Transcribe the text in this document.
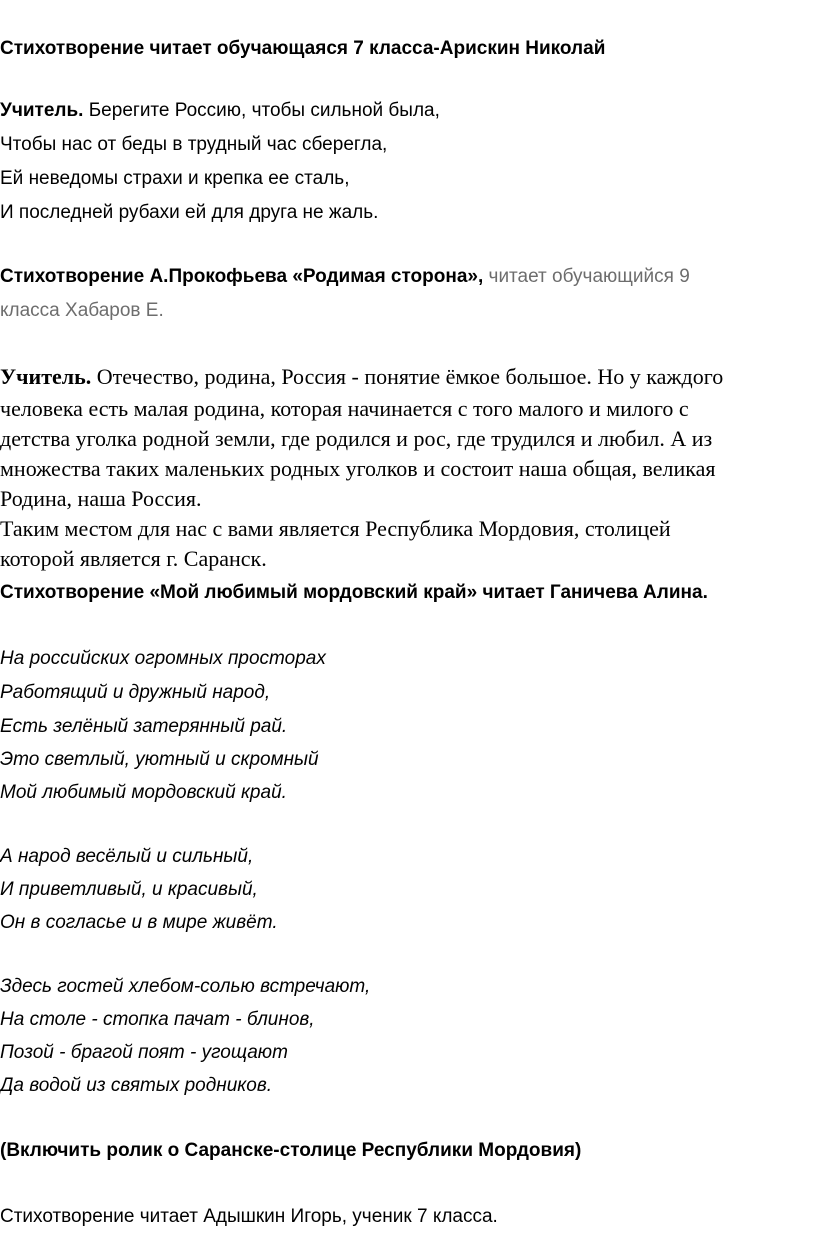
Стихотворение читает обучающаяся 7 класса-Арискин Николай

Учитель. Берегите Россию, чтобы сильной была,

Чтобы нас от беды в трудный час сберегла,

Ей неведомы страхи и крепка ее сталь,

И последней рубахи ей для друга не жаль.

Стихотворение А.Прокофьева «Родимая сторона», читает обучающийся 9

класса Хабаров Е.

Учитель. Отечество, родина, Россия - понятие ёмкое большое. Но у каждого

человека есть малая родина, которая начинается с того малого и милого с

детства уголка родной земли, где родился и рос, где трудился и любил. А из

множества таких маленьких родных уголков и состоит наша общая, великая

Родина, наша Россия.

Таким местом для нас с вами является Республика Мордовия, столицей

которой является г. Саранск.

Стихотворение «Мой любимый мордовский край» читает Ганичева Алина.

На российских огромных просторах

Работящий и дружный народ,

Есть зелёный затерянный рай.

Это светлый, уютный и скромный

Мой любимый мордовский край.

А народ весёлый и сильный,

И приветливый, и красивый,

Он в согласье и в мире живёт.

Здесь гостей хлебом-солью встречают,

На столе - стопка пачат - блинов,

Позой - брагой поят - угощают

Да водой из святых родников.

(Включить ролик о Саранске-столице Республики Мордовия)

Стихотворение читает Адышкин Игорь, ученик 7 класса.
